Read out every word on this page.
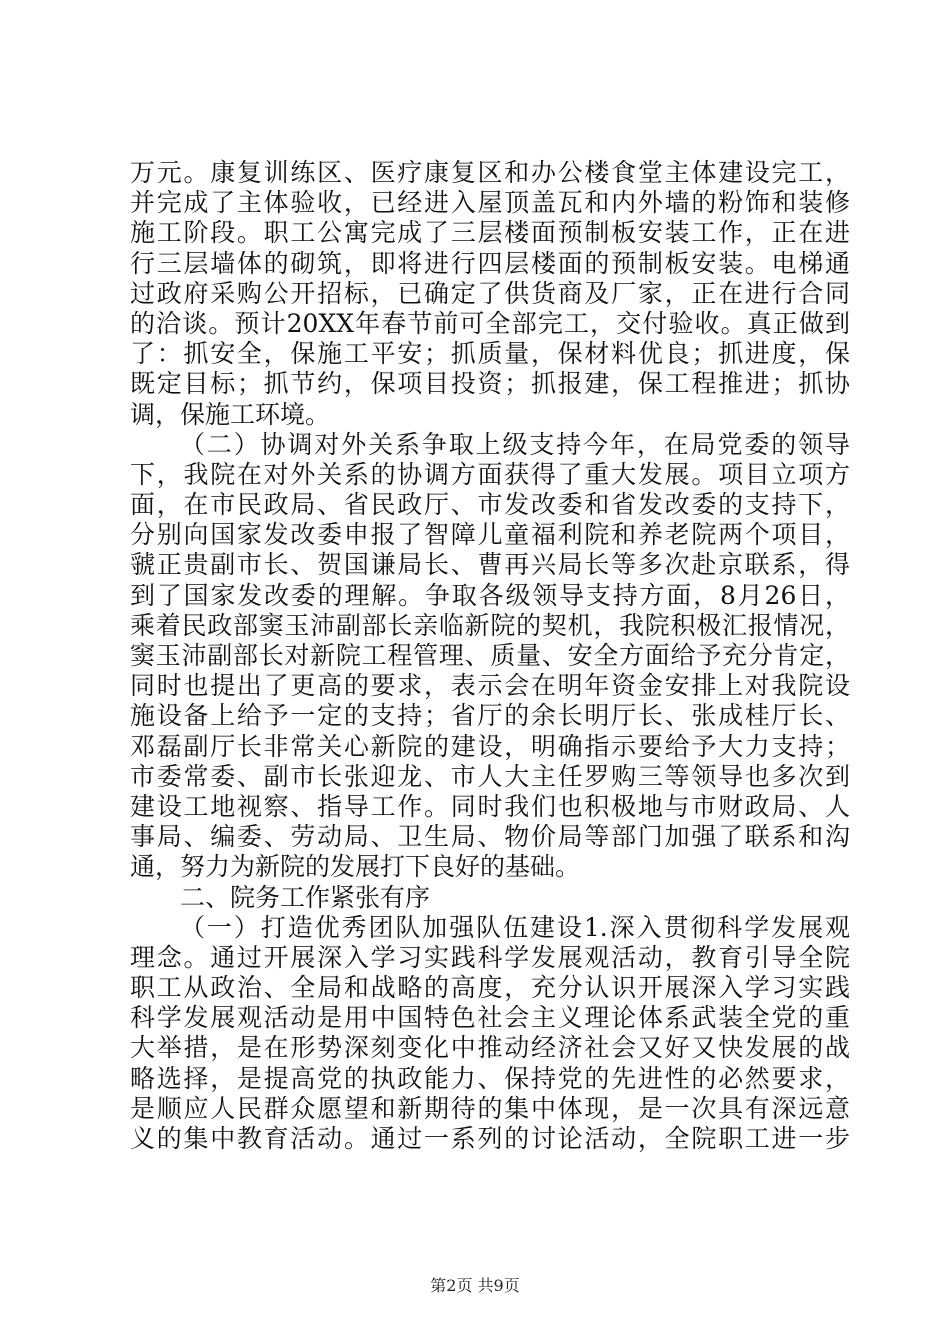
万元。康复训练区、医疗康复区和办公楼食堂主体建设完工，
并完成了主体验收，已经进入屋顶盖瓦和内外墙的粉饰和装修
施工阶段。职工公寓完成了三层楼面预制板安装工作，正在进
行三层墙体的砌筑，即将进行四层楼面的预制板安装。电梯通
过政府采购公开招标，已确定了供货商及厂家，正在进行合同
的洽谈。预计20XX年春节前可全部完工，交付验收。真正做到
了：抓安全，保施工平安；抓质量，保材料优良；抓进度，保
既定目标；抓节约，保项目投资；抓报建，保工程推进；抓协
调，保施工环境。
（二）协调对外关系争取上级支持今年，在局党委的领导
下，我院在对外关系的协调方面获得了重大发展。项目立项方
面，在市民政局、省民政厅、市发改委和省发改委的支持下，
分别向国家发改委申报了智障儿童福利院和养老院两个项目，
虢正贵副市长、贺国谦局长、曹再兴局长等多次赴京联系，得
到了国家发改委的理解。争取各级领导支持方面，8月26日，
乘着民政部窦玉沛副部长亲临新院的契机，我院积极汇报情况，
窦玉沛副部长对新院工程管理、质量、安全方面给予充分肯定，
同时也提出了更高的要求，表示会在明年资金安排上对我院设
施设备上给予一定的支持；省厅的余长明厅长、张成桂厅长、
邓磊副厅长非常关心新院的建设，明确指示要给予大力支持；
市委常委、副市长张迎龙、市人大主任罗购三等领导也多次到
建设工地视察、指导工作。同时我们也积极地与市财政局、人
事局、编委、劳动局、卫生局、物价局等部门加强了联系和沟
通，努力为新院的发展打下良好的基础。
二、院务工作紧张有序
（一）打造优秀团队加强队伍建设1.深入贯彻科学发展观
理念。通过开展深入学习实践科学发展观活动，教育引导全院
职工从政治、全局和战略的高度，充分认识开展深入学习实践
科学发展观活动是用中国特色社会主义理论体系武装全党的重
大举措，是在形势深刻变化中推动经济社会又好又快发展的战
略选择，是提高党的执政能力、保持党的先进性的必然要求，
是顺应人民群众愿望和新期待的集中体现，是一次具有深远意
义的集中教育活动。通过一系列的讨论活动，全院职工进一步
第2页 共9页
